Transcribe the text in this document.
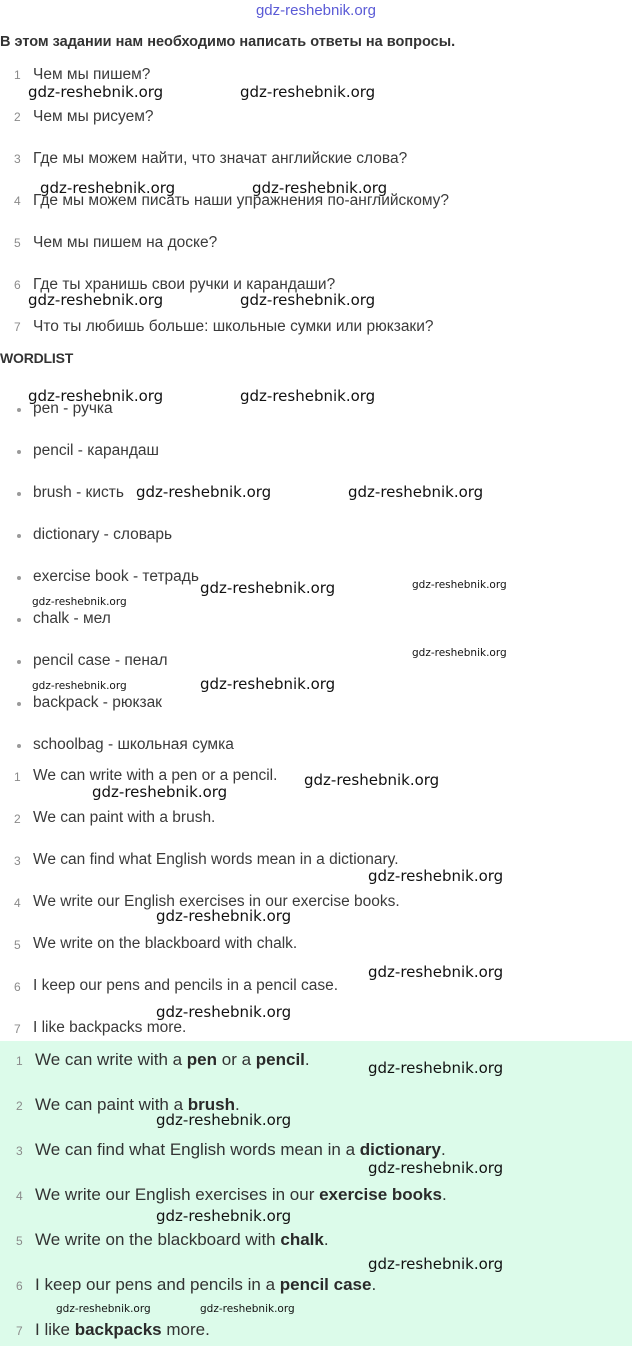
gdz-reshebnik.org
В этом задании нам необходимо написать ответы на вопросы.
1 Чем мы пишем?
2 Чем мы рисуем?
3 Где мы можем найти, что значат английские слова?
4 Где мы можем писать наши упражнения по-английскому?
5 Чем мы пишем на доске?
6 Где ты хранишь свои ручки и карандаши?
7 Что ты любишь больше: школьные сумки или рюкзаки?
WORDLIST
pen - ручка
pencil - карандаш
brush - кисть
dictionary - словарь
exercise book - тетрадь
chalk - мел
pencil case - пенал
backpack - рюкзак
schoolbag - школьная сумка
1 We can write with a pen or a pencil.
2 We can paint with a brush.
3 We can find what English words mean in a dictionary.
4 We write our English exercises in our exercise books.
5 We write on the blackboard with chalk.
6 I keep our pens and pencils in a pencil case.
7 I like backpacks more.
1 We can write with a pen or a pencil.
2 We can paint with a brush.
3 We can find what English words mean in a dictionary.
4 We write our English exercises in our exercise books.
5 We write on the blackboard with chalk.
6 I keep our pens and pencils in a pencil case.
7 I like backpacks more.
gdz-reshebnik.org	gdz-reshebnik.org
gdz-reshebnik.org	gdz-reshebnik.org
gdz-reshebnik.org	gdz-reshebnik.org
gdz-reshebnik.org	gdz-reshebnik.org
gdz-reshebnik.org	gdz-reshebnik.org
gdz-reshebnik.org	gdz-reshebnik.org
gdz-reshebnik.org
gdz-reshebnik.org
gdz-reshebnik.org
gdz-reshebnik.org
gdz-reshebnik.org
gdz-reshebnik.org
gdz-reshebnik.org
gdz-reshebnik.org
gdz-reshebnik.org
gdz-reshebnik.org
gdz-reshebnik.org
gdz-reshebnik.org
gdz-reshebnik.org
gdz-reshebnik.org
gdz-reshebnik.org
gdz-reshebnik.org	gdz-reshebnik.org
